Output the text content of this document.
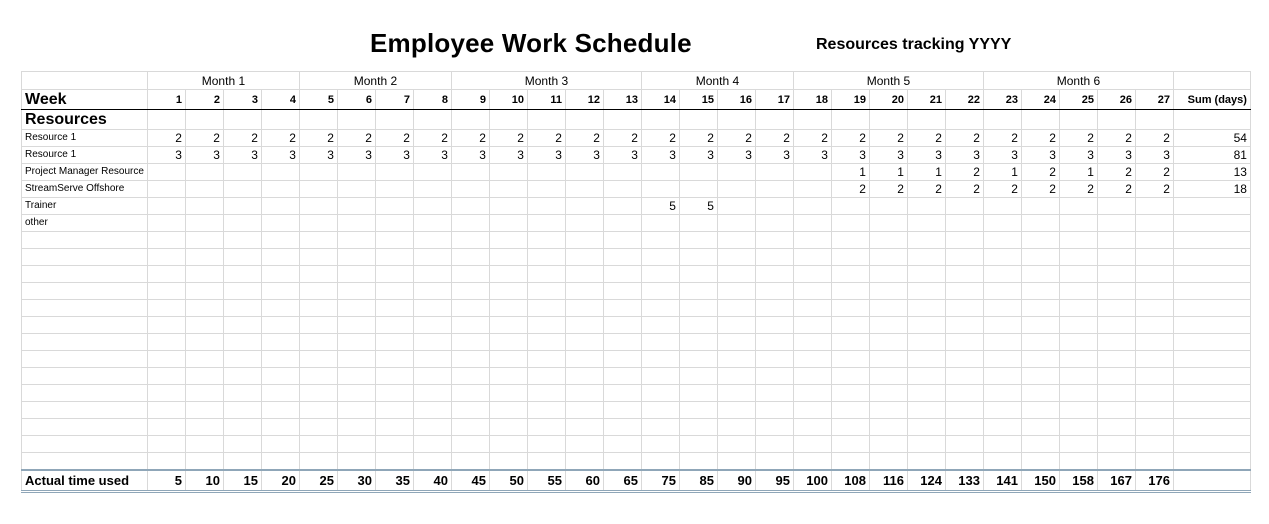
Employee Work Schedule	Resources tracking YYYY
	Month 1				Month 2				Month 3					Month 4				Month 5					Month 6					
Week	1	2	3	4	5	6	7	8	9	10	11	12	13	14	15	16	17	18	19	20	21	22	23	24	25	26	27	Sum (days)
Resources																												
Resource 1	2	2	2	2	2	2	2	2	2	2	2	2	2	2	2	2	2	2	2	2	2	2	2	2	2	2	2	54
Resource 1	3	3	3	3	3	3	3	3	3	3	3	3	3	3	3	3	3	3	3	3	3	3	3	3	3	3	3	81
Project Manager Resource																			1	1	1	2	1	2	1	2	2	13
StreamServe Offshore																			2	2	2	2	2	2	2	2	2	18
Trainer														5	5													
other																												

Actual time used	5	10	15	20	25	30	35	40	45	50	55	60	65	75	85	90	95	100	108	116	124	133	141	150	158	167	176	
